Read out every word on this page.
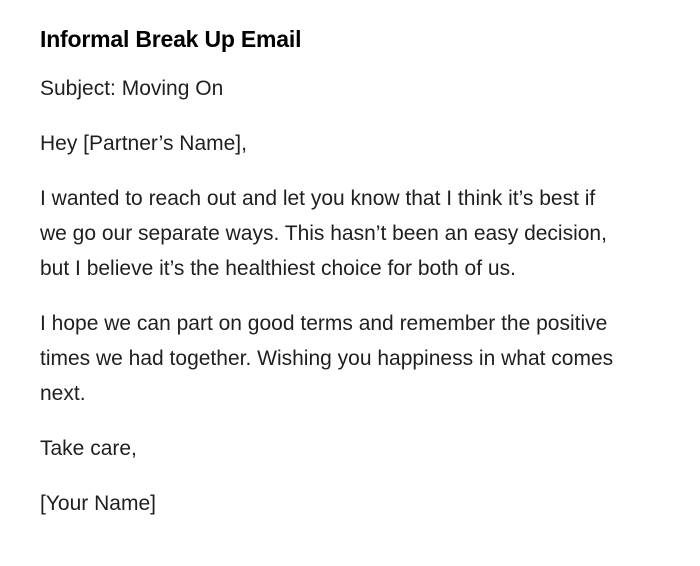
Informal Break Up Email

Subject: Moving On

Hey [Partner’s Name],

I wanted to reach out and let you know that I think it’s best if
we go our separate ways. This hasn’t been an easy decision,
but I believe it’s the healthiest choice for both of us.
I hope we can part on good terms and remember the positive
times we had together. Wishing you happiness in what comes
next.

Take care,

[Your Name]
